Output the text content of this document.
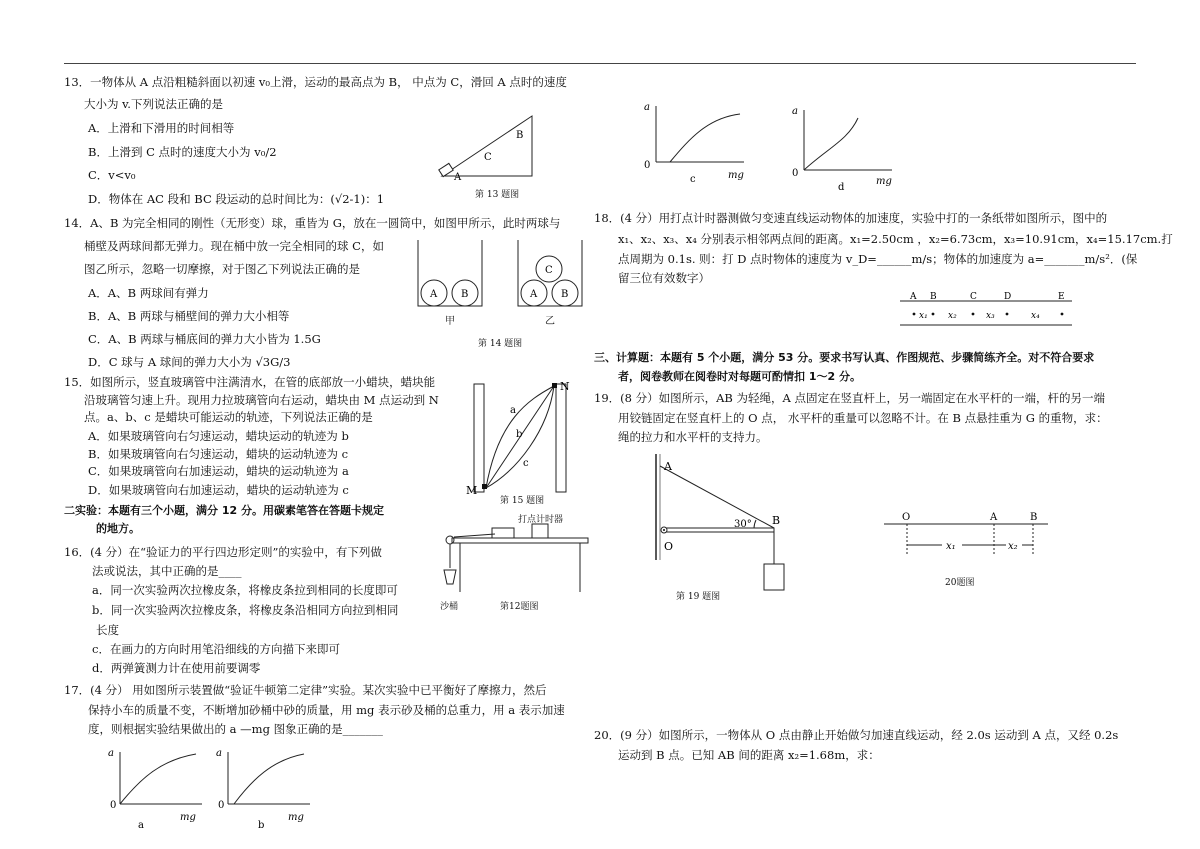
13．一物体从 A 点沿粗糙斜面以初速 v₀上滑，运动的最高点为 B， 中点为 C，滑回 A 点时的速度
大小为 v.下列说法正确的是
A．上滑和下滑用的时间相等
B．上滑到 C 点时的速度大小为 v₀/2
C．v<v₀
D．物体在 AC 段和 BC 段运动的总时间比为：(√2-1)：1
A
C
B
第 13 题图
14．A、B 为完全相同的刚性（无形变）球，重皆为 G，放在一圆筒中，如图甲所示，此时两球与
桶壁及两球间都无弹力。现在桶中放一完全相同的球 C，如
图乙所示，忽略一切摩擦，对于图乙下列说法正确的是
A．A、B 两球间有弹力
B．A、B 两球与桶壁间的弹力大小相等
C．A、B 两球与桶底间的弹力大小皆为 1.5G
D．C 球与 A 球间的弹力大小为 √3G/3
A B	A B
C
甲	乙
第 14 题图
15．如图所示，竖直玻璃管中注满清水，在管的底部放一小蜡块，蜡块能
沿玻璃管匀速上升。现用力拉玻璃管向右运动，蜡块由 M 点运动到 N
点。a、b、c 是蜡块可能运动的轨迹，下列说法正确的是
A．如果玻璃管向右匀速运动，蜡块运动的轨迹为 b
B．如果玻璃管向右匀速运动，蜡块的运动轨迹为 c
C．如果玻璃管向右加速运动，蜡块的运动轨迹为 a
D．如果玻璃管向右加速运动，蜡块的运动轨迹为 c	M
N
a
b
c
第 15 题图
二实验：本题有三个小题，满分 12 分。用碳素笔答在答题卡规定
的地方。
打点计时器
沙桶	第12题图
16．(4 分）在“验证力的平行四边形定则”的实验中，有下列做
法或说法，其中正确的是____
a．同一次实验两次拉橡皮条，将橡皮条拉到相同的长度即可
b．同一次实验两次拉橡皮条，将橡皮条沿相同方向拉到相同
长度
c．在画力的方向时用笔沿细线的方向描下来即可
d．两弹簧测力计在使用前要调零
17．(4 分） 用如图所示装置做“验证牛顿第二定律”实验。某次实验中已平衡好了摩擦力，然后
保持小车的质量不变，不断增加砂桶中砂的质量，用 mg 表示砂及桶的总重力，用 a 表示加速
度，则根据实验结果做出的 a —mg 图象正确的是_______
a
0
mg
a
a
0
mg
b
a
0
mg
c
a
0
mg
d
18．(4 分）用打点计时器测做匀变速直线运动物体的加速度，实验中打的一条纸带如图所示，图中的
x₁、x₂、x₃、x₄ 分别表示相邻两点间的距离。x₁=2.50cm ，x₂=6.73cm，x₃=10.91cm，x₄=15.17cm.打
点周期为 0.1s. 则：打 D 点时物体的速度为 v_D=______m/s；物体的加速度为 a=_______m/s²．(保
留三位有效数字）
A B	C	D	E
x₁ x₂	x₃	x₄
三、计算题：本题有 5 个小题，满分 53 分。要求书写认真、作图规范、步骤简练齐全。对不符合要求
者，阅卷教师在阅卷时对每题可酌情扣 1～2 分。
19．(8 分）如图所示，AB 为轻绳，A 点固定在竖直杆上，另一端固定在水平杆的一端，杆的另一端
用铰链固定在竖直杆上的 O 点， 水平杆的重量可以忽略不计。在 B 点悬挂重为 G 的重物，求：
绳的拉力和水平杆的支持力。
A
B
O
30°
第 19 题图
O	A	B
x₁	x₂
20题图
20．(9 分）如图所示，一物体从 O 点由静止开始做匀加速直线运动，经 2.0s 运动到 A 点，又经 0.2s
运动到 B 点。已知 AB 间的距离 x₂=1.68m，求：
